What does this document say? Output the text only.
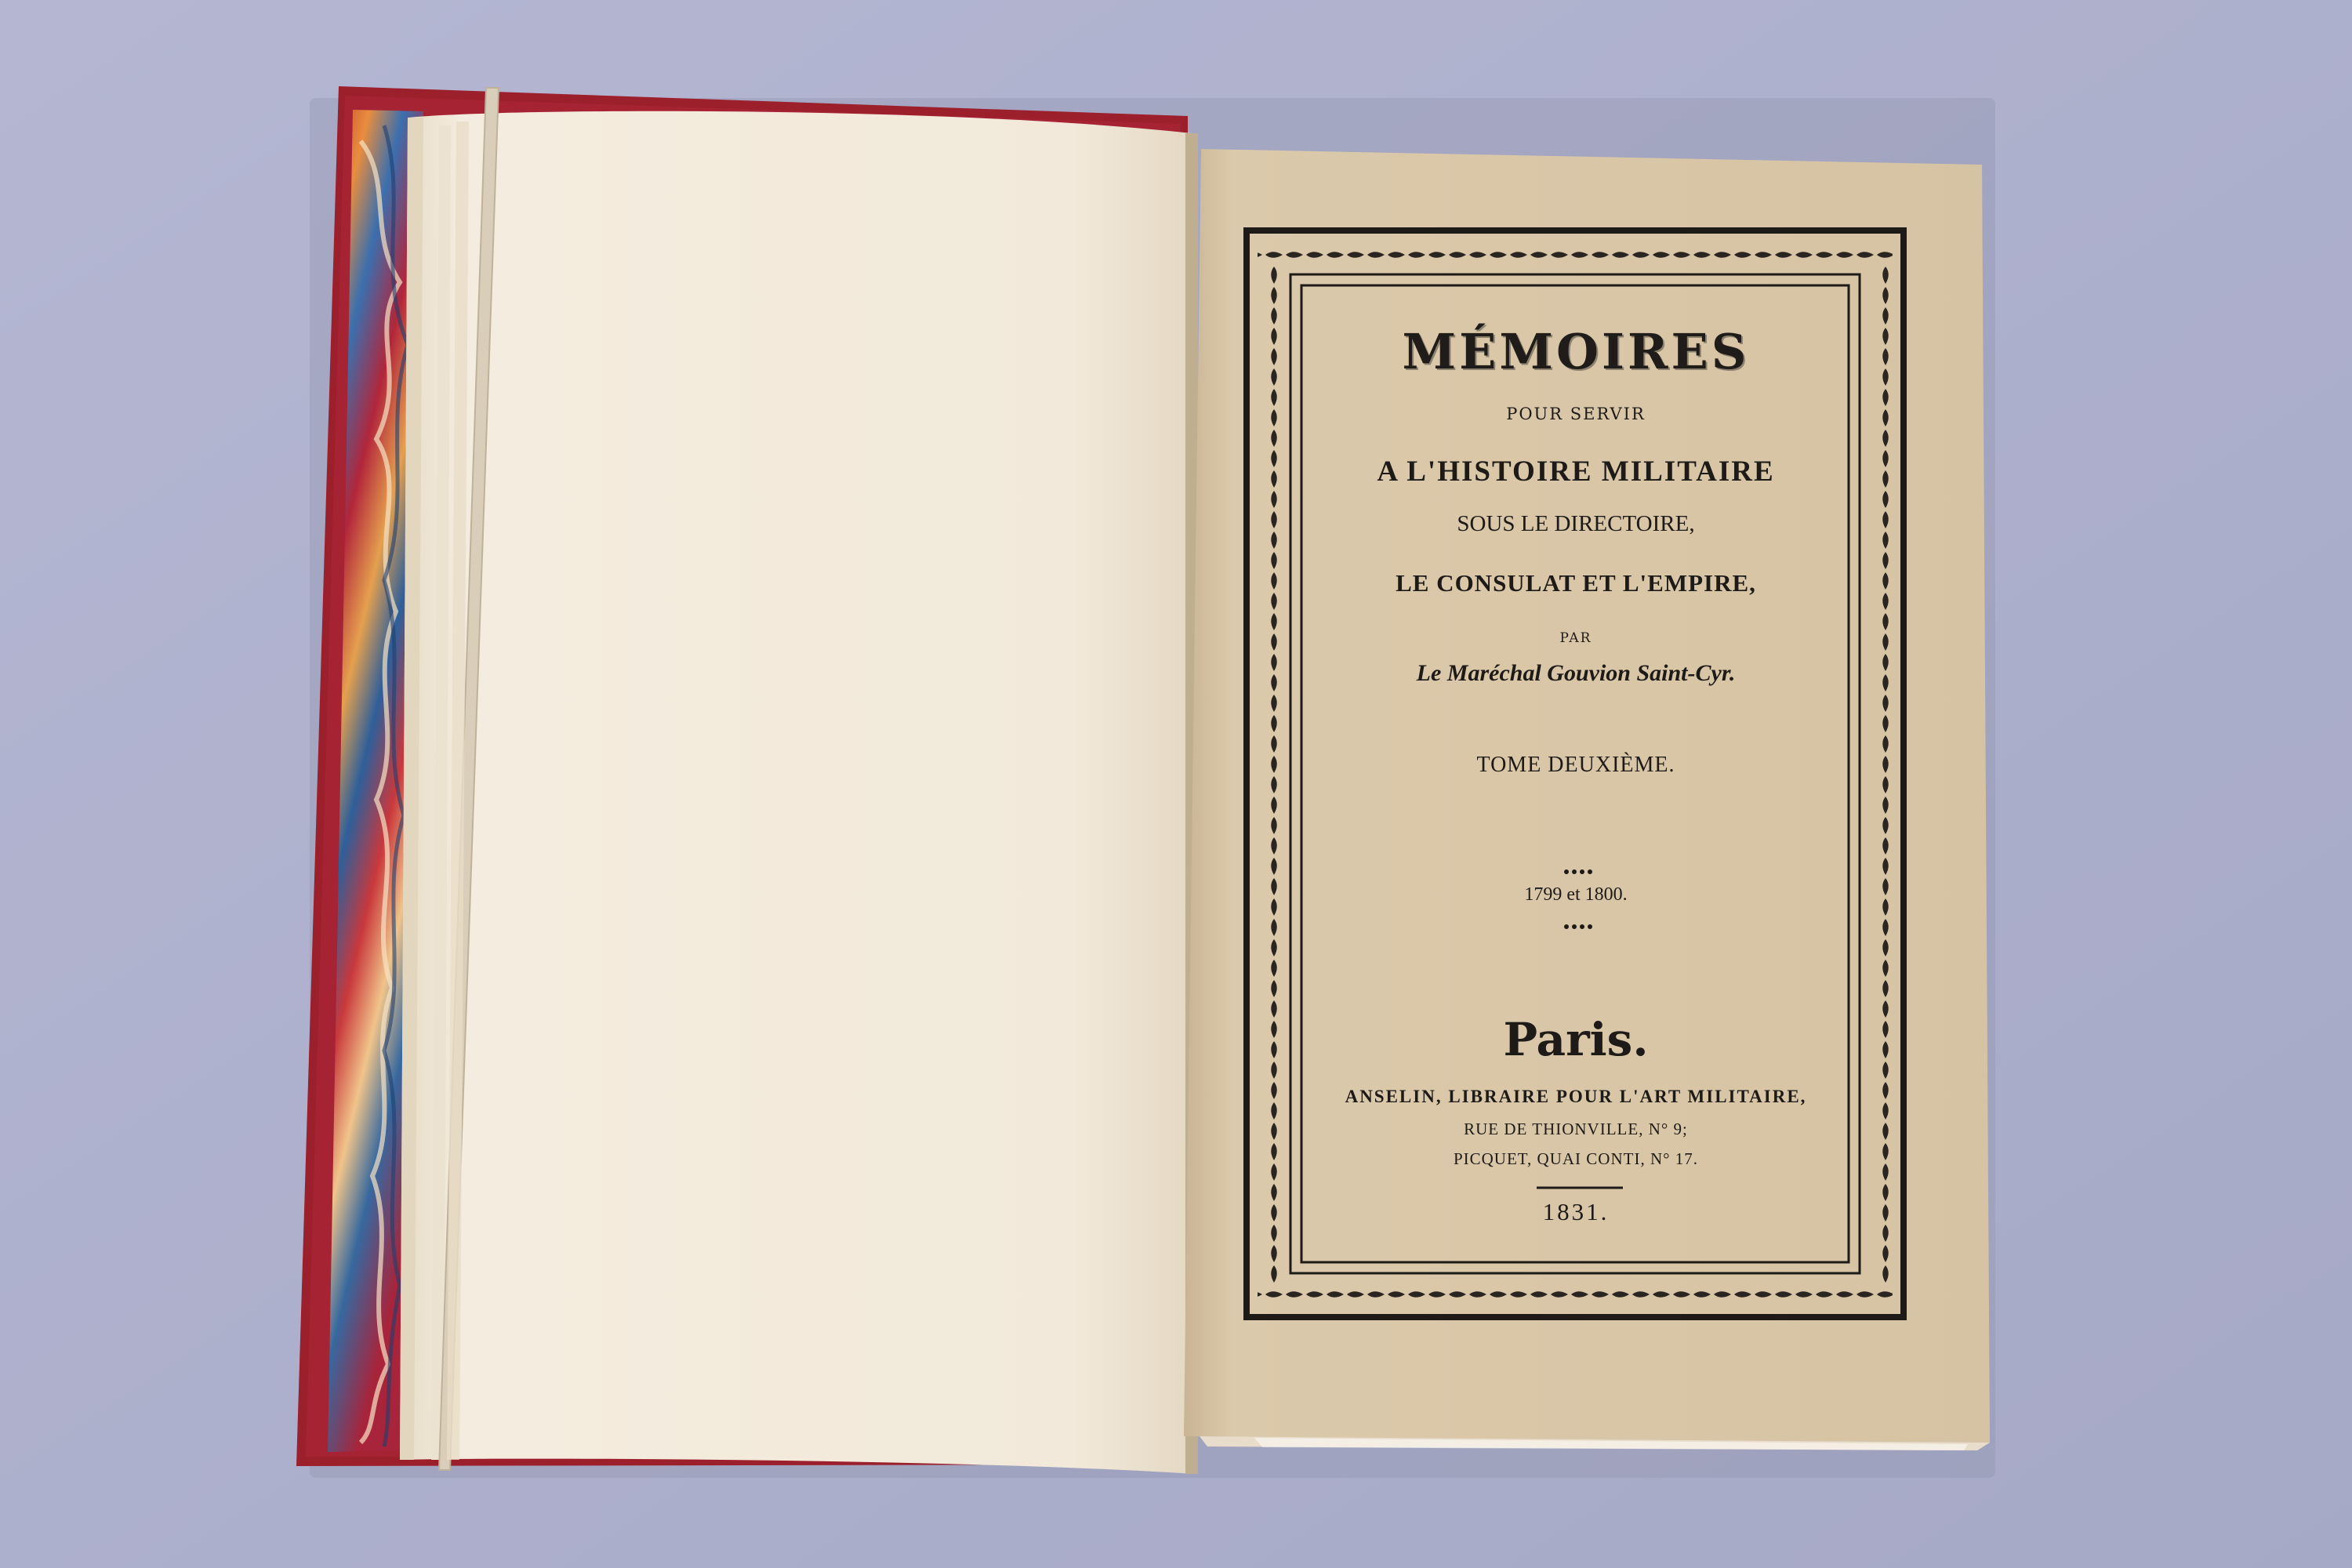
MÉMOIRES
POUR SERVIR
A L'HISTOIRE MILITAIRE
SOUS LE DIRECTOIRE,
LE CONSULAT ET L'EMPIRE,
PAR
Le Maréchal Gouvion Saint-Cyr.
TOME DEUXIÈME.
1799 et 1800.
Paris.
ANSELIN, LIBRAIRE POUR L'ART MILITAIRE,
RUE DE THIONVILLE, N° 9;
PICQUET, QUAI CONTI, N° 17.
1831.
